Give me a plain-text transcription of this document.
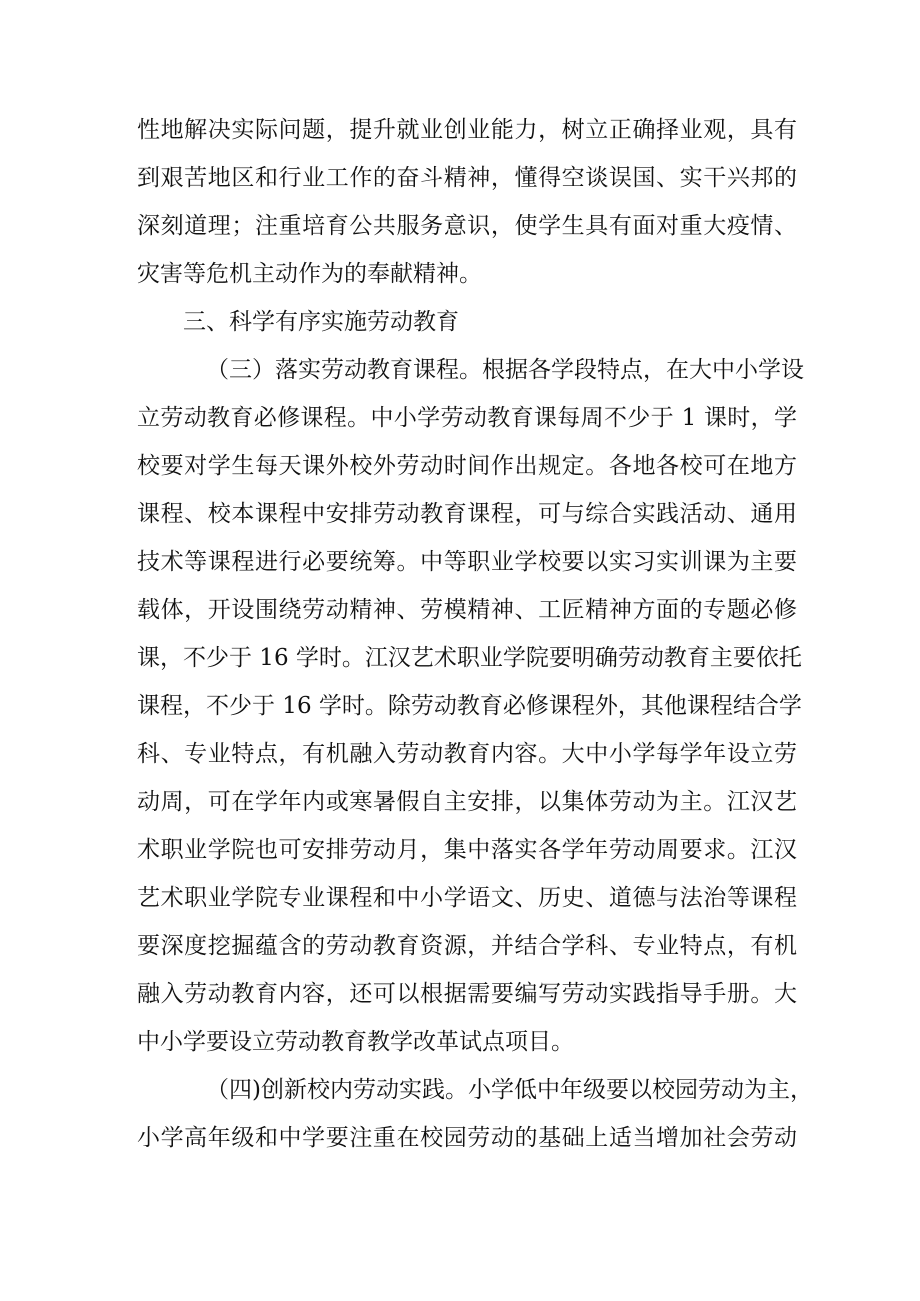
性地解决实际问题，提升就业创业能力，树立正确择业观，具有
到艰苦地区和行业工作的奋斗精神，懂得空谈误国、实干兴邦的
深刻道理；注重培育公共服务意识，使学生具有面对重大疫情、
灾害等危机主动作为的奉献精神。
三、科学有序实施劳动教育
（三）落实劳动教育课程。根据各学段特点，在大中小学设
立劳动教育必修课程。中小学劳动教育课每周不少于 1 课时，学
校要对学生每天课外校外劳动时间作出规定。各地各校可在地方
课程、校本课程中安排劳动教育课程，可与综合实践活动、通用
技术等课程进行必要统筹。中等职业学校要以实习实训课为主要
载体，开设围绕劳动精神、劳模精神、工匠精神方面的专题必修
课，不少于 16 学时。江汉艺术职业学院要明确劳动教育主要依托
课程，不少于 16 学时。除劳动教育必修课程外，其他课程结合学
科、专业特点，有机融入劳动教育内容。大中小学每学年设立劳
动周，可在学年内或寒暑假自主安排，以集体劳动为主。江汉艺
术职业学院也可安排劳动月，集中落实各学年劳动周要求。江汉
艺术职业学院专业课程和中小学语文、历史、道德与法治等课程
要深度挖掘蕴含的劳动教育资源，并结合学科、专业特点，有机
融入劳动教育内容，还可以根据需要编写劳动实践指导手册。大
中小学要设立劳动教育教学改革试点项目。
（四)创新校内劳动实践。小学低中年级要以校园劳动为主，
小学高年级和中学要注重在校园劳动的基础上适当增加社会劳动
